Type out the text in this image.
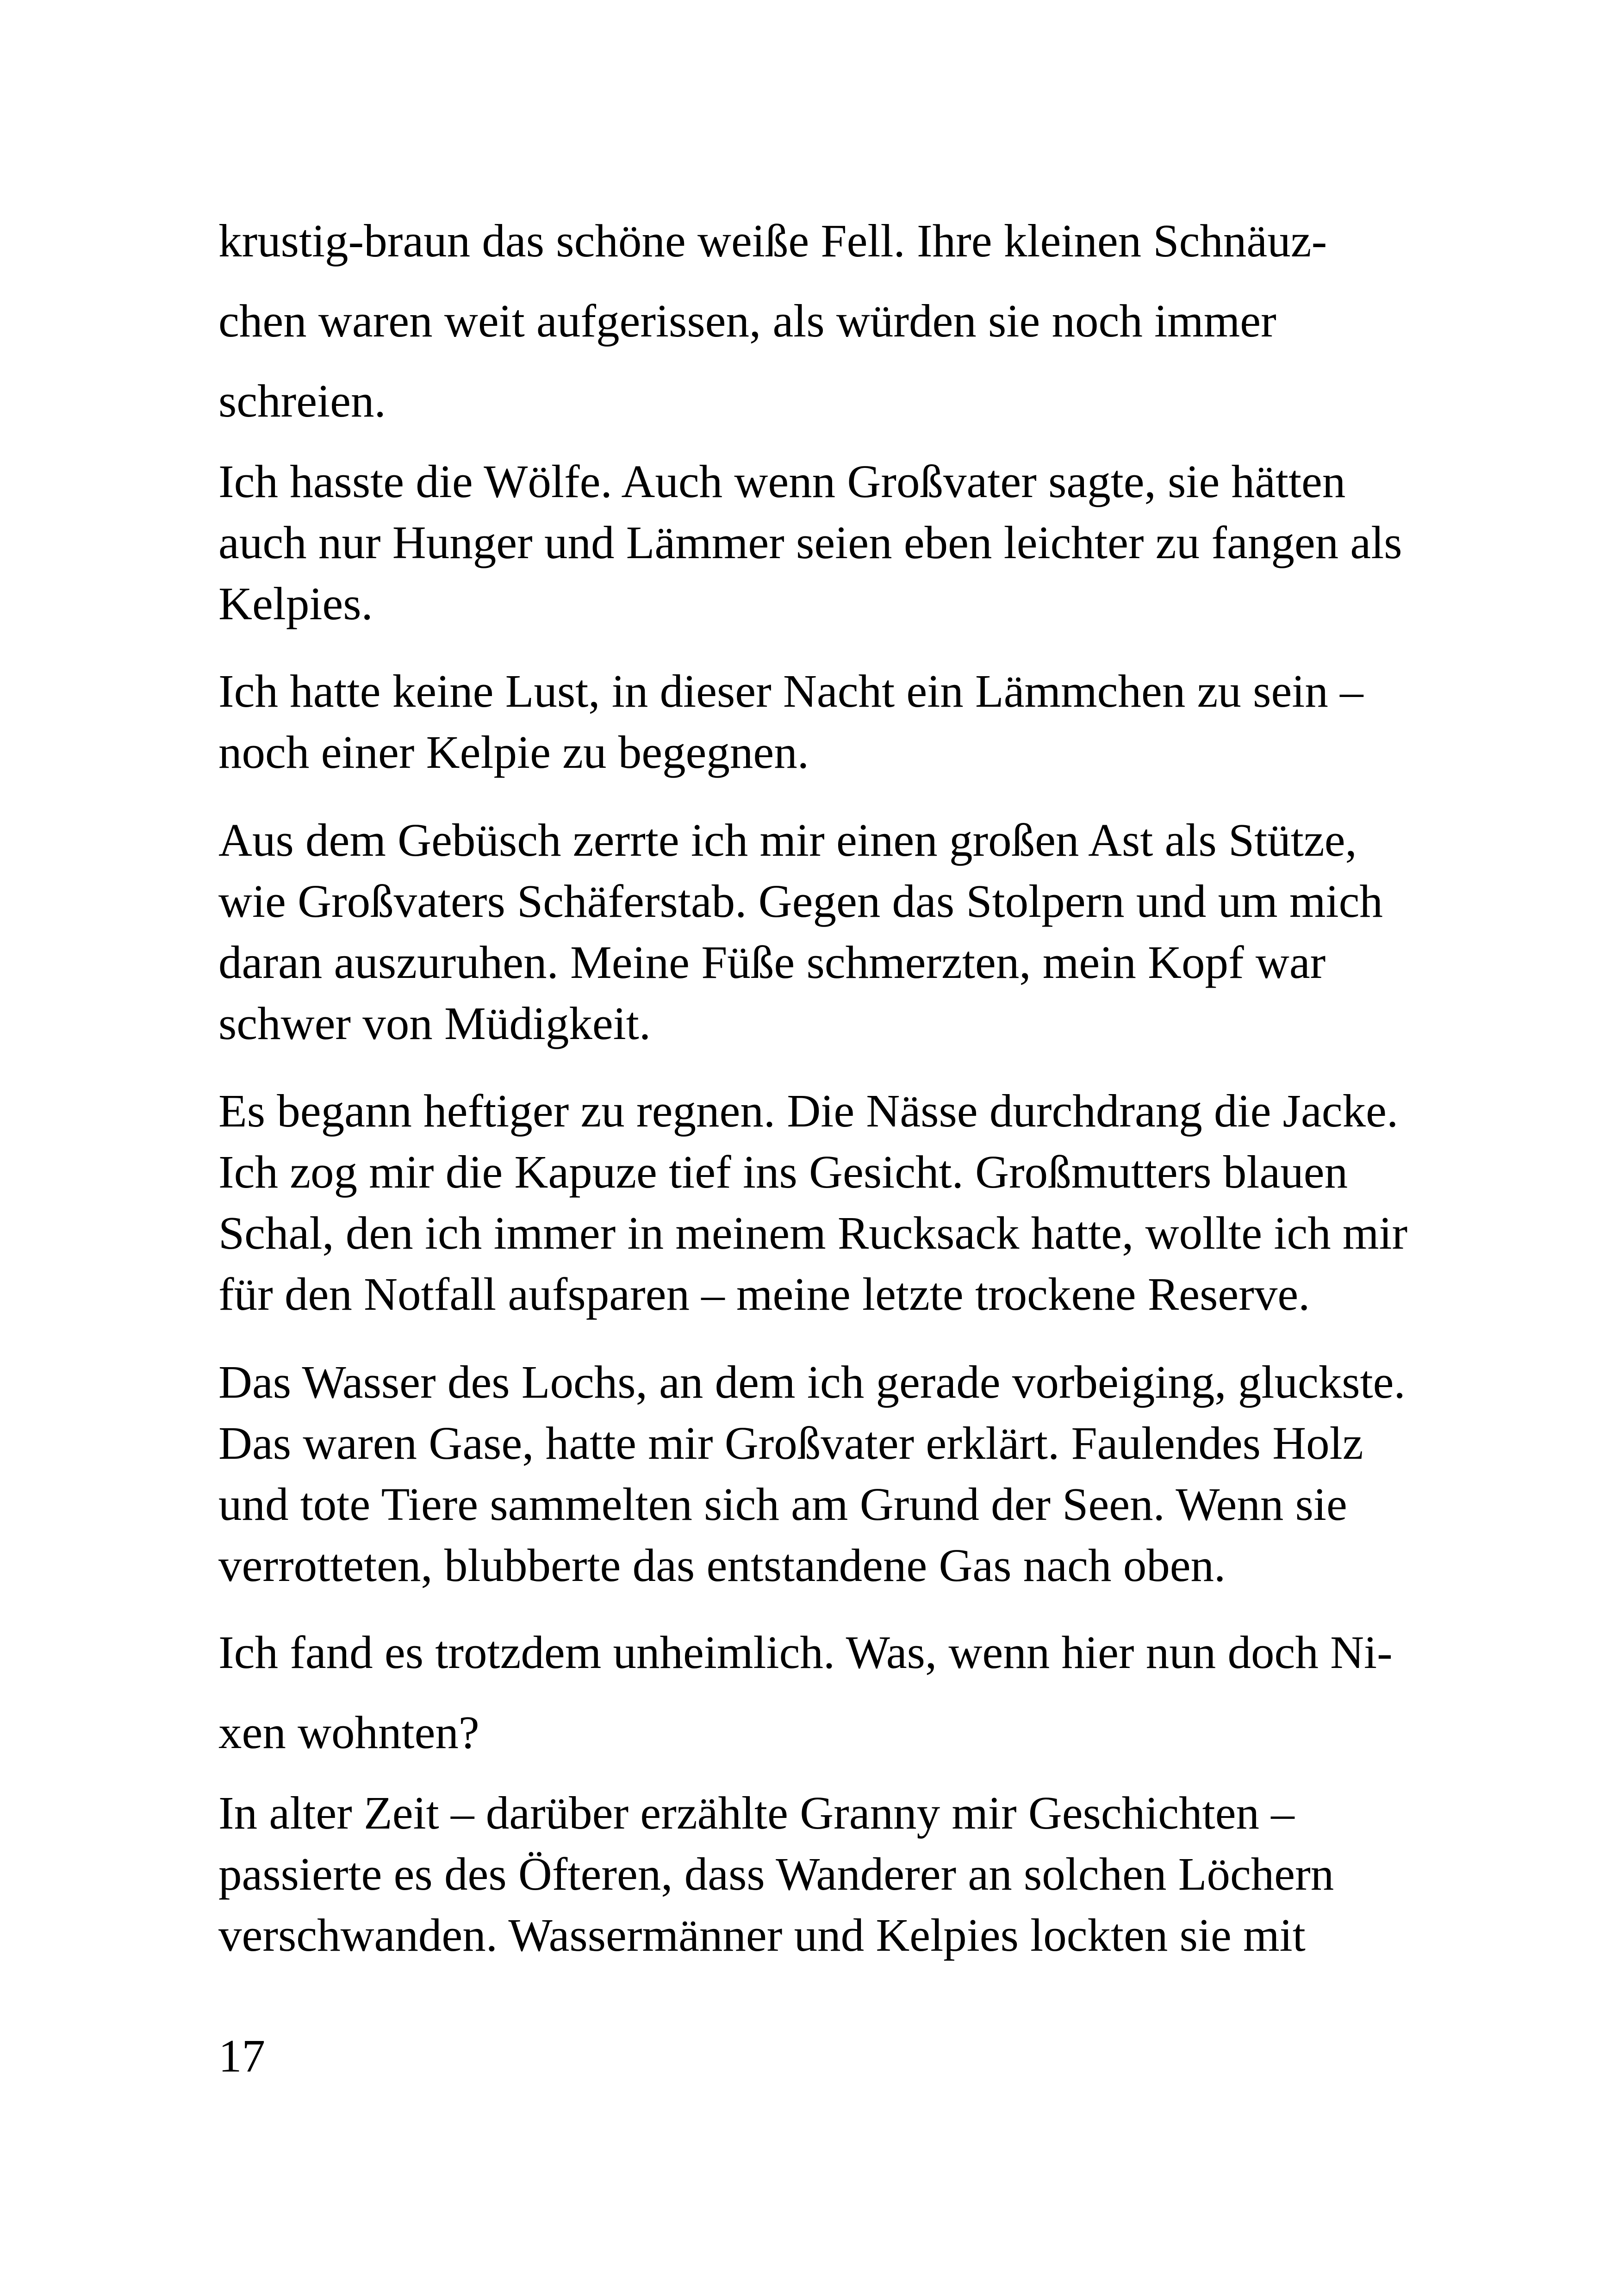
krustig-braun das schöne weiße Fell. Ihre kleinen Schnäuz-
chen waren weit aufgerissen, als würden sie noch immer
schreien.
Ich hasste die Wölfe. Auch wenn Großvater sagte, sie hätten
auch nur Hunger und Lämmer seien eben leichter zu fangen als
Kelpies.
Ich hatte keine Lust, in dieser Nacht ein Lämmchen zu sein –
noch einer Kelpie zu begegnen.
Aus dem Gebüsch zerrte ich mir einen großen Ast als Stütze,
wie Großvaters Schäferstab. Gegen das Stolpern und um mich
daran auszuruhen. Meine Füße schmerzten, mein Kopf war
schwer von Müdigkeit.
Es begann heftiger zu regnen. Die Nässe durchdrang die Jacke.
Ich zog mir die Kapuze tief ins Gesicht. Großmutters blauen
Schal, den ich immer in meinem Rucksack hatte, wollte ich mir
für den Notfall aufsparen – meine letzte trockene Reserve.
Das Wasser des Lochs, an dem ich gerade vorbeiging, gluckste.
Das waren Gase, hatte mir Großvater erklärt. Faulendes Holz
und tote Tiere sammelten sich am Grund der Seen. Wenn sie
verrotteten, blubberte das entstandene Gas nach oben.
Ich fand es trotzdem unheimlich. Was, wenn hier nun doch Ni-
xen wohnten?
In alter Zeit – darüber erzählte Granny mir Geschichten –
passierte es des Öfteren, dass Wanderer an solchen Löchern
verschwanden. Wassermänner und Kelpies lockten sie mit
17
